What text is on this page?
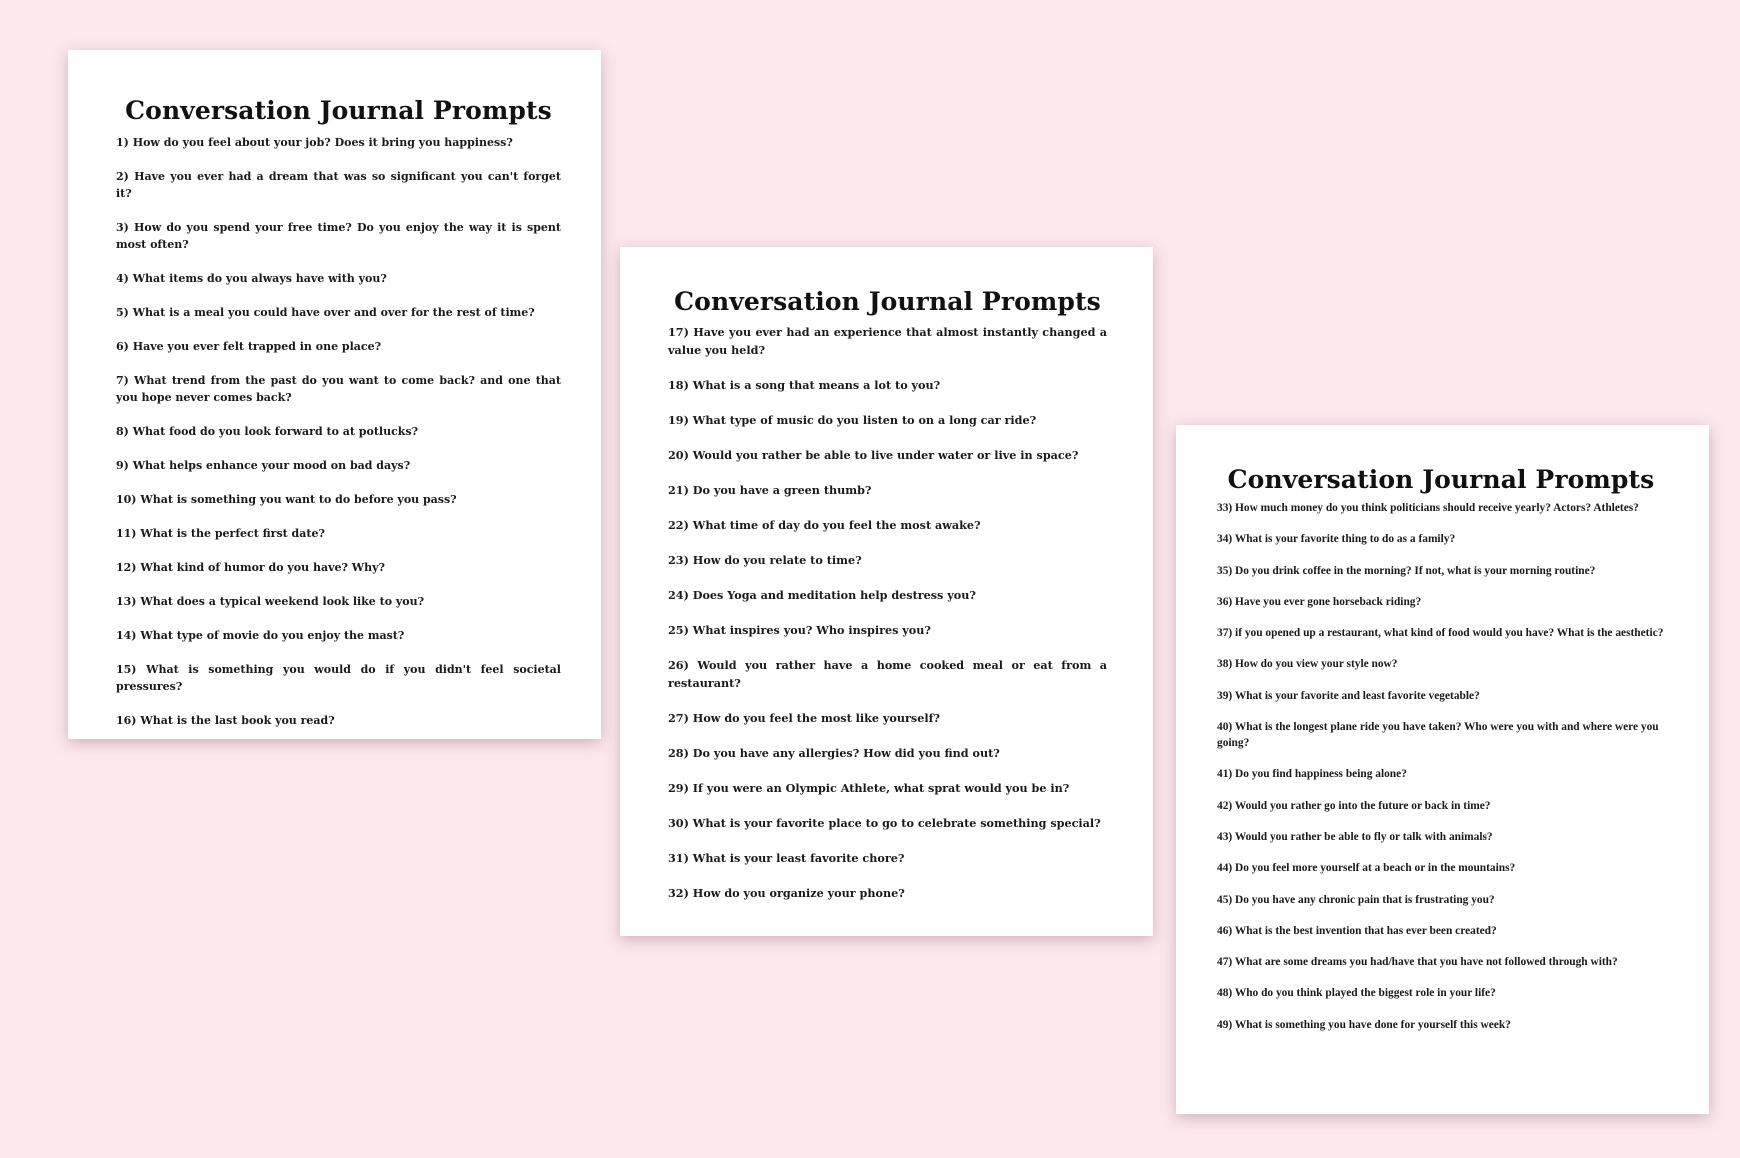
Conversation Journal Prompts
1) How do you feel about your job? Does it bring you happiness?
2) Have you ever had a dream that was so significant you can't forget it?
3) How do you spend your free time? Do you enjoy the way it is spent most often?
4) What items do you always have with you?
5) What is a meal you could have over and over for the rest of time?
6) Have you ever felt trapped in one place?
7) What trend from the past do you want to come back? and one that you hope never comes back?
8) What food do you look forward to at potlucks?
9) What helps enhance your mood on bad days?
10) What is something you want to do before you pass?
11) What is the perfect first date?
12) What kind of humor do you have? Why?
13) What does a typical weekend look like to you?
14) What type of movie do you enjoy the mast?
15) What is something you would do if you didn't feel societal pressures?
16) What is the last book you read?
Conversation Journal Prompts
17) Have you ever had an experience that almost instantly changed a value you held?
18) What is a song that means a lot to you?
19) What type of music do you listen to on a long car ride?
20) Would you rather be able to live under water or live in space?
21) Do you have a green thumb?
22) What time of day do you feel the most awake?
23) How do you relate to time?
24) Does Yoga and meditation help destress you?
25) What inspires you? Who inspires you?
26) Would you rather have a home cooked meal or eat from a restaurant?
27) How do you feel the most like yourself?
28) Do you have any allergies? How did you find out?
29) If you were an Olympic Athlete, what sprat would you be in?
30) What is your favorite place to go to celebrate something special?
31) What is your least favorite chore?
32) How do you organize your phone?
Conversation Journal Prompts
33) How much money do you think politicians should receive yearly? Actors? Athletes?
34) What is your favorite thing to do as a family?
35) Do you drink coffee in the morning? If not, what is your morning routine?
36) Have you ever gone horseback riding?
37) if you opened up a restaurant, what kind of food would you have? What is the aesthetic?
38) How do you view your style now?
39) What is your favorite and least favorite vegetable?
40) What is the longest plane ride you have taken? Who were you with and where were you going?
41) Do you find happiness being alone?
42) Would you rather go into the future or back in time?
43) Would you rather be able to fly or talk with animals?
44) Do you feel more yourself at a beach or in the mountains?
45) Do you have any chronic pain that is frustrating you?
46) What is the best invention that has ever been created?
47) What are some dreams you had/have that you have not followed through with?
48) Who do you think played the biggest role in your life?
49) What is something you have done for yourself this week?
